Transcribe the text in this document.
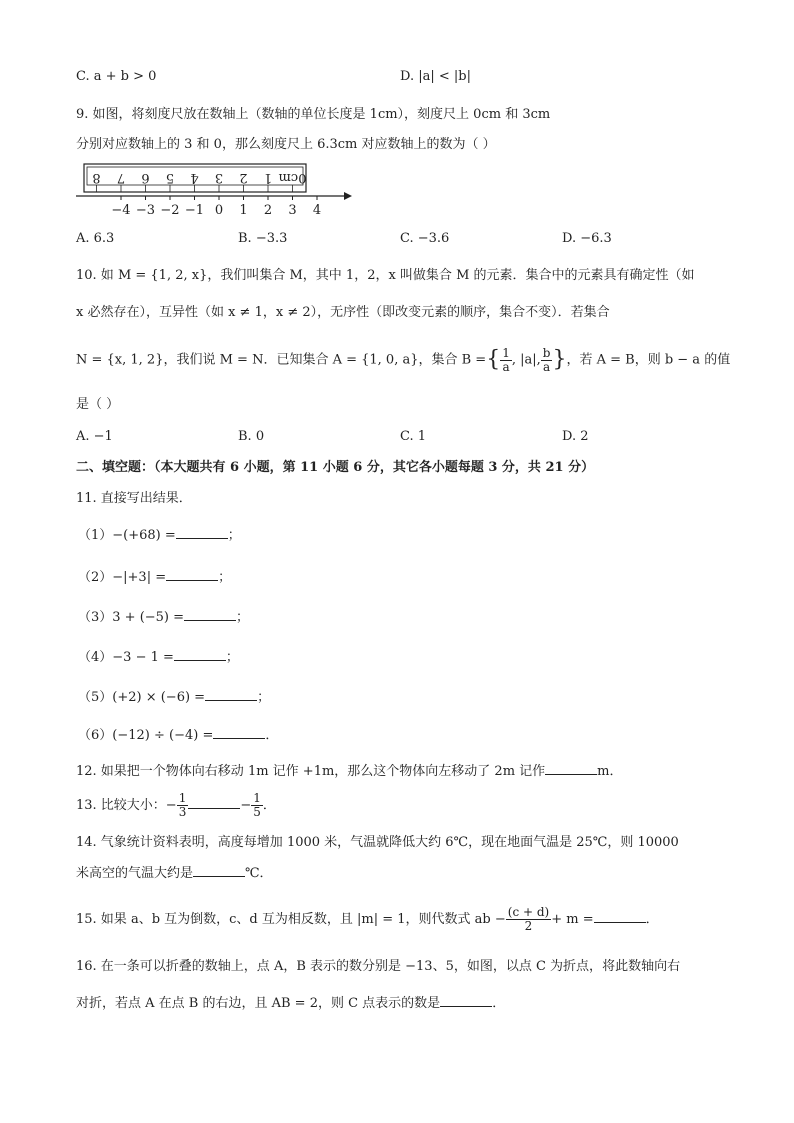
C. a + b > 0	D. |a| < |b|
9. 如图，将刻度尺放在数轴上（数轴的单位长度是 1cm），刻度尺上 0cm 和 3cm
分别对应数轴上的 3 和 0，那么刻度尺上 6.3cm 对应数轴上的数为（ ）
8 7 6 5 4 3 2 1 0cm
−4 −3 −2 −1 0 1 2 3 4
A. 6.3	B. −3.3	C. −3.6	D. −6.3
10. 如 M = {1, 2, x}，我们叫集合 M，其中 1，2，x 叫做集合 M 的元素．集合中的元素具有确定性（如
x 必然存在），互异性（如 x ≠ 1，x ≠ 2），无序性（即改变元素的顺序，集合不变）．若集合
N = {x, 1, 2}，我们说 M = N．已知集合 A = {1, 0, a}，集合 B ={ $\frac{1}{a}$ , |a|, $\frac{b}{a}$ }，若 A = B，则 b − a 的值
是（ ）
A. −1	B. 0	C. 1	D. 2
二、填空题：（本大题共有 6 小题，第 11 小题 6 分，其它各小题每题 3 分，共 21 分）
11. 直接写出结果．
（1）−(+68) =	；
（2）−|+3| =	；
（3）3 + (−5) =	；
（4）−3 − 1 =	；
（5）(+2) × (−6) =	；
（6）(−12) ÷ (−4) =	．
12. 如果把一个物体向右移动 1m 记作 +1m，那么这个物体向左移动了 2m 记作	m．
13. 比较大小：− $\frac{1}{3}$	− $\frac{1}{5}$ ．
14. 气象统计资料表明，高度每增加 1000 米，气温就降低大约 6℃，现在地面气温是 25℃，则 10000
米高空的气温大约是	℃．
15. 如果 a、b 互为倒数，c、d 互为相反数，且 |m| = 1，则代数式 ab − $\frac{(c + d)}{2} + m$ =	．
16. 在一条可以折叠的数轴上，点 A，B 表示的数分别是 −13、5，如图，以点 C 为折点，将此数轴向右
对折，若点 A 在点 B 的右边，且 AB = 2，则 C 点表示的数是	．
